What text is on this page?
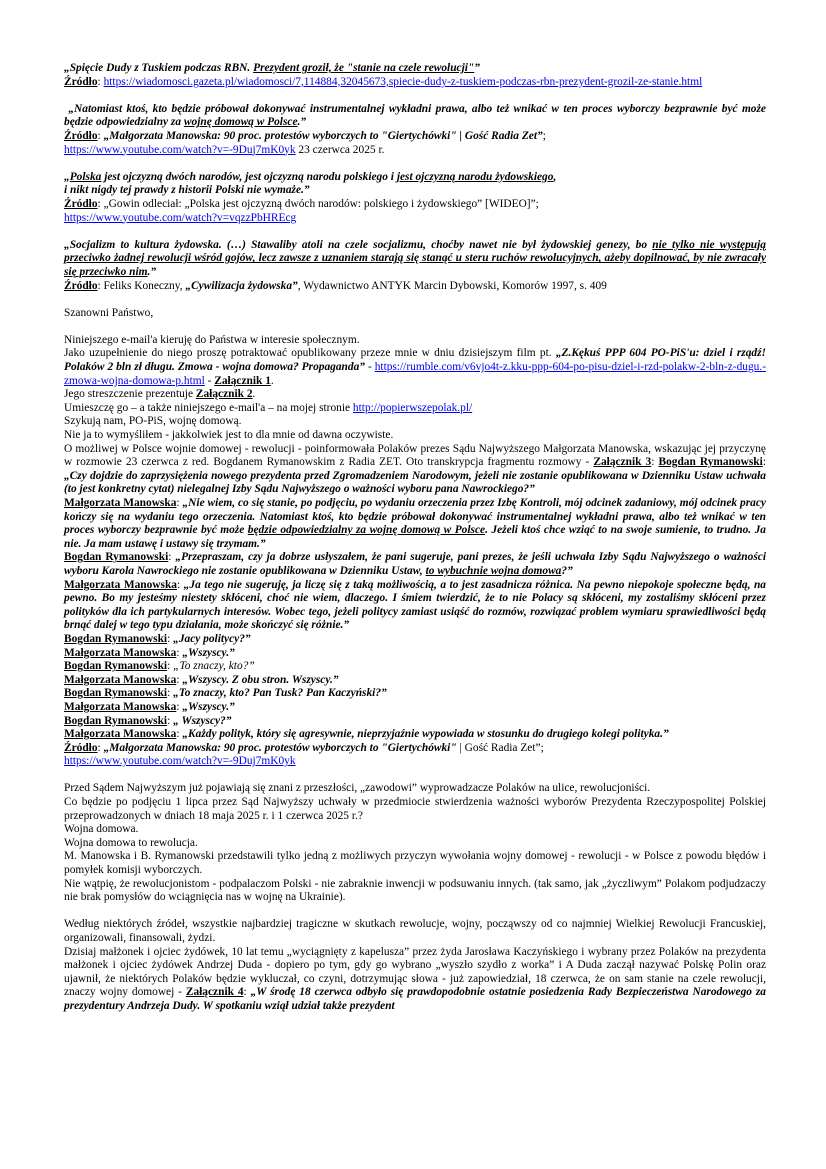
„Spięcie Dudy z Tuskiem podczas RBN. Prezydent groził, że "stanie na czele rewolucji"”

Źródło: https://wiadomosci.gazeta.pl/wiadomosci/7,114884,32045673,spiecie-dudy-z-tuskiem-podczas-rbn-prezydent-grozil-ze-stanie.html

„Natomiast ktoś, kto będzie próbował dokonywać instrumentalnej wykładni prawa, albo też wnikać w ten proces wyborczy bezprawnie być może będzie odpowiedzialny za wojnę domową w Polsce.”

Źródło: „Małgorzata Manowska: 90 proc. protestów wyborczych to "Giertychówki" | Gość Radia Zet”;

https://www.youtube.com/watch?v=-9Duj7mK0yk 23 czerwca 2025 r.

„Polska jest ojczyzną dwóch narodów, jest ojczyzną narodu polskiego i jest ojczyzną narodu żydowskiego,

i nikt nigdy tej prawdy z historii Polski nie wymaże.”

Źródło: „Gowin odleciał: „Polska jest ojczyzną dwóch narodów: polskiego i żydowskiego” [WIDEO]”;

https://www.youtube.com/watch?v=vqzzPbHREcg

„Socjalizm to kultura żydowska. (…) Stawaliby atoli na czele socjalizmu, choćby nawet nie był żydowskiej genezy, bo nie tylko nie występują przeciwko żadnej rewolucji wśród gojów, lecz zawsze z uznaniem starają się stanąć u steru ruchów rewolucyjnych, ażeby dopilnować, by nie zwracały się przeciwko nim.”

Źródło: Feliks Koneczny, „Cywilizacja żydowska”, Wydawnictwo ANTYK Marcin Dybowski, Komorów 1997, s. 409

Szanowni Państwo,

Niniejszego e-mail'a kieruję do Państwa w interesie społecznym.

Jako uzupełnienie do niego proszę potraktować opublikowany przeze mnie w dniu dzisiejszym film pt. „Z.Kękuś PPP 604 PO-PiS'u: dziel i rządź! Polaków 2 bln zł długu. Zmowa - wojna domowa? Propaganda” - https://rumble.com/v6vjo4t-z.kku-ppp-604-po-pisu-dziel-i-rzd-polakw-2-bln-z-dugu.-zmowa-wojna-domowa-p.html - Załącznik 1.

Jego streszczenie prezentuje Załącznik 2.

Umieszczę go – a także niniejszego e-mail'a – na mojej stronie http://popierwszepolak.pl/

Szykują nam, PO-PiS, wojnę domową.

Nie ja to wymyśliłem - jakkolwiek jest to dla mnie od dawna oczywiste.

O możliwej w Polsce wojnie domowej - rewolucji - poinformowała Polaków prezes Sądu Najwyższego Małgorzata Manowska, wskazując jej przyczynę w rozmowie 23 czerwca z red. Bogdanem Rymanowskim z Radia ZET. Oto transkrypcja fragmentu rozmowy - Załącznik 3: Bogdan Rymanowski: „Czy dojdzie do zaprzysiężenia nowego prezydenta przed Zgromadzeniem Narodowym, jeżeli nie zostanie opublikowana w Dzienniku Ustaw uchwała (to jest konkretny cytat) nielegalnej Izby Sądu Najwyższego o ważności wyboru pana Nawrockiego?”

Małgorzata Manowska: „Nie wiem, co się stanie, po podjęciu, po wydaniu orzeczenia przez Izbę Kontroli, mój odcinek zadaniowy, mój odcinek pracy kończy się na wydaniu tego orzeczenia. Natomiast ktoś, kto będzie próbował dokonywać instrumentalnej wykładni prawa, albo też wnikać w ten proces wyborczy bezprawnie być może będzie odpowiedzialny za wojnę domową w Polsce. Jeżeli ktoś chce wziąć to na swoje sumienie, to trudno. Ja nie. Ja mam ustawę i ustawy się trzymam.”

Bogdan Rymanowski: „Przepraszam, czy ja dobrze usłyszałem, że pani sugeruje, pani prezes, że jeśli uchwała Izby Sądu Najwyższego o ważności wyboru Karola Nawrockiego nie zostanie opublikowana w Dzienniku Ustaw, to wybuchnie wojna domowa?”

Małgorzata Manowska: „Ja tego nie sugeruję, ja liczę się z taką możliwością, a to jest zasadnicza różnica. Na pewno niepokoje społeczne będą, na pewno. Bo my jesteśmy niestety skłóceni, choć nie wiem, dlaczego. I śmiem twierdzić, że to nie Polacy są skłóceni, my zostaliśmy skłóceni przez polityków dla ich partykularnych interesów. Wobec tego, jeżeli politycy zamiast usiąść do rozmów, rozwiązać problem wymiaru sprawiedliwości będą brnąć dalej w tego typu działania, może skończyć się różnie.”

Bogdan Rymanowski: „Jacy politycy?”

Małgorzata Manowska: „Wszyscy.”

Bogdan Rymanowski: „To znaczy, kto?”

Małgorzata Manowska: „Wszyscy. Z obu stron. Wszyscy.”

Bogdan Rymanowski: „To znaczy, kto? Pan Tusk? Pan Kaczyński?”

Małgorzata Manowska: „Wszyscy.”

Bogdan Rymanowski: „ Wszyscy?”

Małgorzata Manowska: „Każdy polityk, który się agresywnie, nieprzyjaźnie wypowiada w stosunku do drugiego kolegi polityka.”

Źródło: „Małgorzata Manowska: 90 proc. protestów wyborczych to "Giertychówki" | Gość Radia Zet”;

https://www.youtube.com/watch?v=-9Duj7mK0yk

Przed Sądem Najwyższym już pojawiają się znani z przeszłości, „zawodowi” wyprowadzacze Polaków na ulice, rewolucjoniści.

Co będzie po podjęciu 1 lipca przez Sąd Najwyższy uchwały w przedmiocie stwierdzenia ważności wyborów Prezydenta Rzeczypospolitej Polskiej przeprowadzonych w dniach 18 maja 2025 r. i 1 czerwca 2025 r.?

Wojna domowa.

Wojna domowa to rewolucja.

M. Manowska i B. Rymanowski przedstawili tylko jedną z możliwych przyczyn wywołania wojny domowej - rewolucji - w Polsce z powodu błędów i pomyłek komisji wyborczych.

Nie wątpię, że rewolucjonistom - podpalaczom Polski - nie zabraknie inwencji w podsuwaniu innych. (tak samo, jak „życzliwym” Polakom podjudzaczy nie brak pomysłów do wciągnięcia nas w wojnę na Ukrainie).

Według niektórych źródeł, wszystkie najbardziej tragiczne w skutkach rewolucje, wojny, począwszy od co najmniej Wielkiej Rewolucji Francuskiej, organizowali, finansowali, żydzi.

Dzisiaj małżonek i ojciec żydówek, 10 lat temu „wyciągnięty z kapelusza” przez żyda Jarosława Kaczyńskiego i wybrany przez Polaków na prezydenta małżonek i ojciec żydówek Andrzej Duda - dopiero po tym, gdy go wybrano „wyszło szydło z worka” i A Duda zaczął nazywać Polskę Polin oraz ujawnił, że niektórych Polaków będzie wykluczał, co czyni, dotrzymując słowa - już zapowiedział, 18 czerwca, że on sam stanie na czele rewolucji, znaczy wojny domowej - Załącznik 4: „W środę 18 czerwca odbyło się prawdopodobnie ostatnie posiedzenia Rady Bezpieczeństwa Narodowego za prezydentury Andrzeja Dudy. W spotkaniu wziął udział także prezydent
